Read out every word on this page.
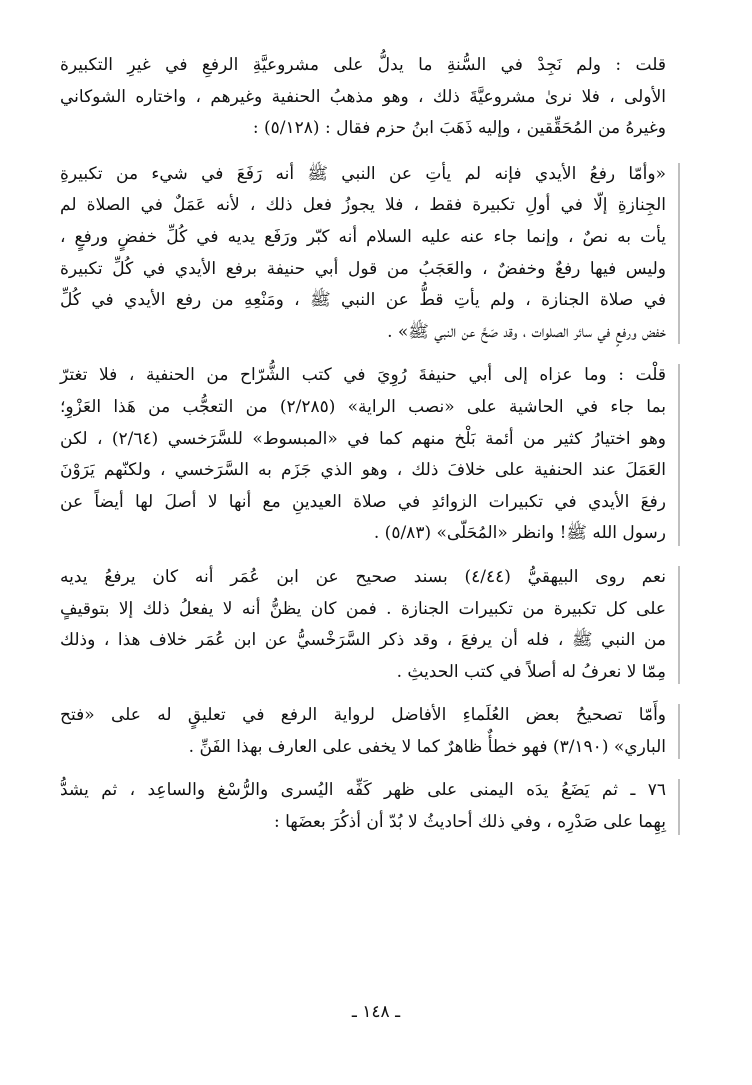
قلت : ولم نَجِدْ في السُّنةِ ما يدلُّ على مشروعيَّةِ الرفعِ في غيرِ التكبيرة
الأولى ، فلا نرىٰ مشروعيَّةَ ذلك ، وهو مذهبُ الحنفية وغيرهم ، واختاره الشوكاني
وغيرهُ من المُحَقِّقين ، وإليه ذَهَبَ ابنُ حزم فقال : (٥/١٢٨) :
«وأمّا رفعُ الأيدي فإنه لم يأتِ عن النبي ﷺ أنه رَفَعَ في شيء من تكبيرةِ
الجِنازةِ إلّا في أولِ تكبيرة فقط ، فلا يجوزُ فعل ذلك ، لأنه عَمَلٌ في الصلاة لم
يأت به نصٌ ، وإنما جاء عنه عليه السلام أنه كبّر ورَفَع يديه في كُلِّ خفضٍ ورفعٍ ،
وليس فيها رفعٌ وخفضٌ ، والعَجَبُ من قول أبي حنيفة برفع الأيدي في كُلِّ تكبيرة
في صلاة الجنازة ، ولم يأتِ قطُّ عن النبي ﷺ ، ومَنْعِهِ من رفع الأيدي في كُلِّ
خفض ورفعٍ في سائر الصلوات ، وقد صَحَّ عن النبي ﷺ» .
قلْت : وما عزاه إلى أبي حنيفةَ رُوِيَ في كتب الشُّرّاح من الحنفية ، فلا تغترّ
بما جاء في الحاشية على «نصب الراية» (٢/٢٨٥) من التعجُّب من هَذا العَزْوِ؛
وهو اختيارُ كثير من أئمة بَلْخ منهم كما في «المبسوط» للسَّرَخسي (٢/٦٤) ، لكن
العَمَلَ عند الحنفية على خلافَ ذلك ، وهو الذي جَزَم به السَّرَخسي ، ولكنّهم يَرَوْنَ
رفعَ الأيدي في تكبيرات الزوائدِ في صلاة العيدينِ مع أنها لا أصلَ لها أيضاً عن
رسول الله ﷺ! وانظر «المُحَلّى» (٥/٨٣) .
نعم روى البيهقيُّ (٤/٤٤) بسند صحيح عن ابن عُمَر أنه كان يرفعُ يديه
على كل تكبيرة من تكبيرات الجنازة . فمن كان يظنُّ أنه لا يفعلُ ذلك إلا بتوقيفٍ
من النبي ﷺ ، فله أن يرفعَ ، وقد ذكر السَّرَخْسيُّ عن ابن عُمَر خلاف هذا ، وذلك
مِمّا لا نعرفُ له أصلاً في كتب الحديثِ .
وأَمّا تصحيحُ بعض العُلَماءِ الأفاضل لرواية الرفع في تعليقٍ له على «فتح
الباري» (٣/١٩٠) فهو خطأٌ ظاهرٌ كما لا يخفى على العارف بهذا الفَنِّ .
٧٦ ـ ثم يَضَعُ يدَه اليمنى على ظهر كَفِّه اليُسرى والرُّسْغ والساعِد ، ثم يشدُّ
بِهِما على صَدْرِه ، وفي ذلك أحاديثُ لا بُدّ أن أذكُرَ بعضَها :
ـ ١٤٨ ـ
